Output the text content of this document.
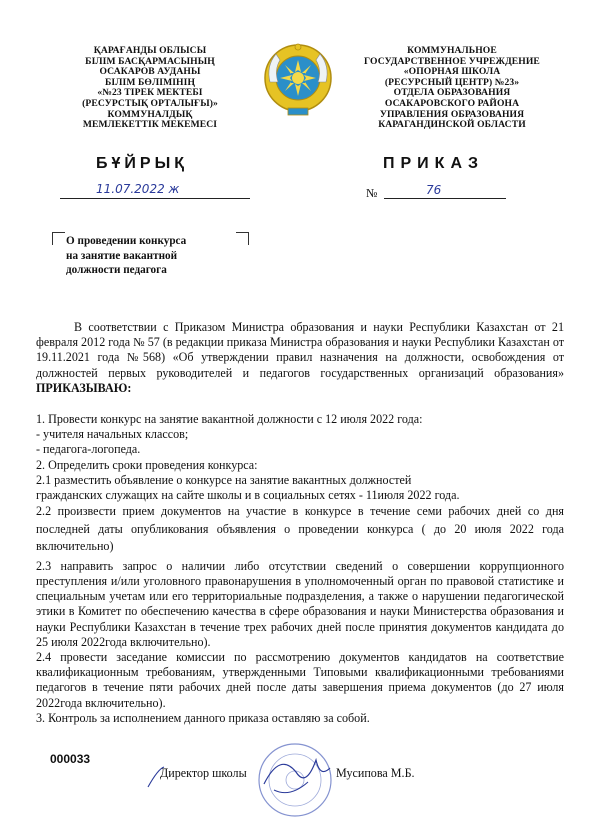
ҚАРАҒАНДЫ ОБЛЫСЫ
БІЛІМ БАСҚАРМАСЫНЫҢ
ОСАКАРОВ АУДАНЫ
БІЛІМ БӨЛІМІНІҢ
«№23 ТІРЕК МЕКТЕБІ
(РЕСУРСТЫҚ ОРТАЛЫҒЫ)»
КОММУНАЛДЫҚ
МЕМЛЕКЕТТІК МЕКЕМЕСІ
КОММУНАЛЬНОЕ
ГОСУДАРСТВЕННОЕ УЧРЕЖДЕНИЕ
«ОПОРНАЯ ШКОЛА
(РЕСУРСНЫЙ ЦЕНТР) №23»
ОТДЕЛА ОБРАЗОВАНИЯ
ОСАКАРОВСКОГО РАЙОНА
УПРАВЛЕНИЯ ОБРАЗОВАНИЯ
КАРАГАНДИНСКОЙ ОБЛАСТИ
БҰЙРЫҚ	ПРИКАЗ
11.07.2022 ж	№	76
О проведении конкурса
на занятие вакантной
должности педагога
В соответствии с Приказом Министра образования и науки Республики Казахстан от 21 февраля 2012 года № 57 (в редакции приказа Министра образования и науки Республики Казахстан от 19.11.2021 года №568) «Об утверждении правил назначения на должности, освобождения от должностей первых руководителей и педагогов государственных организаций образования» ПРИКАЗЫВАЮ:
1. Провести конкурс на занятие вакантной должности с 12 июля 2022 года:
- учителя начальных классов;
- педагога-логопеда.
2. Определить сроки проведения конкурса:
2.1 разместить объявление о конкурсе на занятие вакантных должностей
гражданских служащих на сайте школы и в социальных сетях - 11июля 2022 года.
2.2 произвести прием документов на участие в конкурсе в течение семи рабочих дней со дня последней даты опубликования объявления о проведении конкурса ( до 20 июля 2022 года включительно)
2.3 направить запрос о наличии либо отсутствии сведений о совершении коррупционного преступления и/или уголовного правонарушения в уполномоченный орган по правовой статистике и специальным учетам или его территориальные подразделения, а также о нарушении педагогической этики в Комитет по обеспечению качества в сфере образования и науки Министерства образования и науки Республики Казахстан в течение трех рабочих дней после принятия документов кандидата до 25 июля 2022года включительно).
2.4 провести заседание комиссии по рассмотрению документов кандидатов на соответствие квалификационным требованиям, утвержденными Типовыми квалификационными требованиями педагогов в течение пяти рабочих дней после даты завершения приема документов (до 27 июля 2022года включительно).
3. Контроль за исполнением данного приказа оставляю за собой.
000033
Директор школы	Мусипова М.Б.
